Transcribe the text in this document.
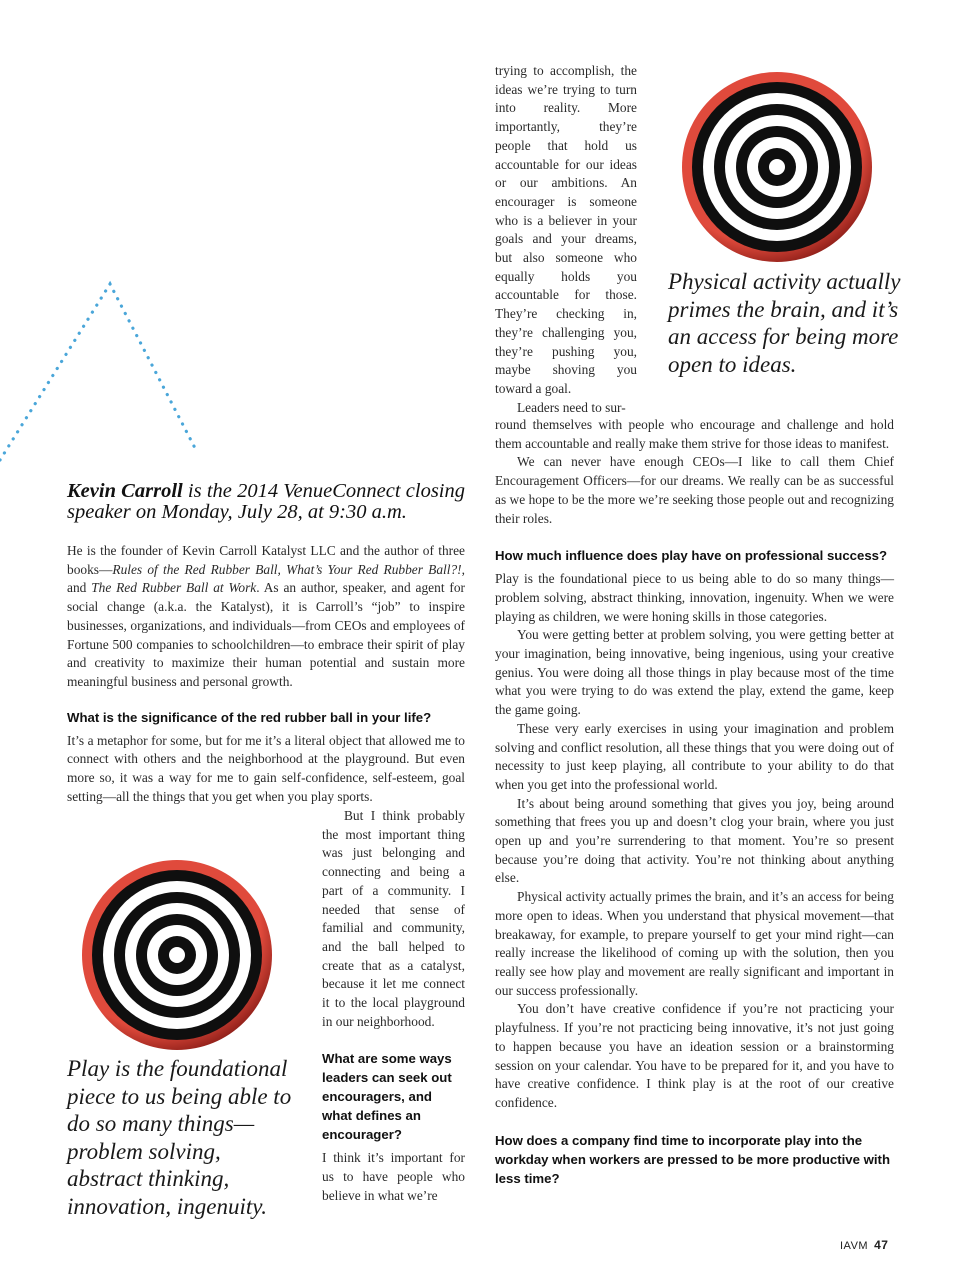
trying to accomplish, the ideas we’re trying to turn into reality. More importantly, they’re people that hold us accountable for our ideas or our ambitions. An encourager is someone who is a believer in your goals and your dreams, but also someone who equally holds you accountable for those. They’re checking in, they’re challenging you, they’re pushing you, maybe shoving you toward a goal.

Leaders need to sur-

Physical activity actually primes the brain, and it’s an access for being more open to ideas.

round themselves with people who encourage and challenge and hold them accountable and really make them strive for those ideas to manifest.

We can never have enough CEOs—I like to call them Chief Encouragement Officers—for our dreams. We really can be as successful as we hope to be the more we’re seeking those people out and recognizing their roles.

How much influence does play have on professional success?

Play is the foundational piece to us being able to do so many things—problem solving, abstract thinking, innovation, ingenuity. When we were playing as children, we were honing skills in those categories.

You were getting better at problem solving, you were getting better at your imagination, being innovative, being ingenious, using your creative genius. You were doing all those things in play because most of the time what you were trying to do was extend the play, extend the game, keep the game going.

These very early exercises in using your imagination and problem solving and conflict resolution, all these things that you were doing out of necessity to just keep playing, all contribute to your ability to do that when you get into the professional world.

It’s about being around something that gives you joy, being around something that frees you up and doesn’t clog your brain, where you just open up and you’re surrendering to that moment. You’re so present because you’re doing that activity. You’re not thinking about anything else.

Physical activity actually primes the brain, and it’s an access for being more open to ideas. When you understand that physical movement—that breakaway, for example, to prepare yourself to get your mind right—can really increase the likelihood of coming up with the solution, then you really see how play and movement are really significant and important in our success professionally.

You don’t have creative confidence if you’re not practicing your playfulness. If you’re not practicing being innovative, it’s not just going to happen because you have an ideation session or a brainstorming session on your calendar. You have to be prepared for it, and you have to have creative confidence. I think play is at the root of our creative confidence.

How does a company find time to incorporate play into the workday when workers are pressed to be more productive with less time?

Kevin Carroll is the 2014 VenueConnect closing speaker on Monday, July 28, at 9:30 a.m.

He is the founder of Kevin Carroll Katalyst LLC and the author of three books—Rules of the Red Rubber Ball, What’s Your Red Rubber Ball?!, and The Red Rubber Ball at Work. As an author, speaker, and agent for social change (a.k.a. the Katalyst), it is Carroll’s “job” to inspire businesses, organizations, and individuals—from CEOs and employees of Fortune 500 companies to schoolchildren—to embrace their spirit of play and creativity to maximize their human potential and sustain more meaningful business and personal growth.

What is the significance of the red rubber ball in your life?

It’s a metaphor for some, but for me it’s a literal object that allowed me to connect with others and the neighborhood at the playground. But even more so, it was a way for me to gain self-confidence, self-esteem, goal setting—all the things that you get when you play sports.

But I think probably the most important thing was just belonging and connecting and being a part of a community. I needed that sense of familial and community, and the ball helped to create that as a catalyst, because it let me connect it to the local playground in our neighborhood.

What are some ways leaders can seek out encouragers, and what defines an encourager?

I think it’s important for us to have people who believe in what we’re

Play is the foundational piece to us being able to do so many things—problem solving, abstract thinking, innovation, ingenuity.

IAVM 47
